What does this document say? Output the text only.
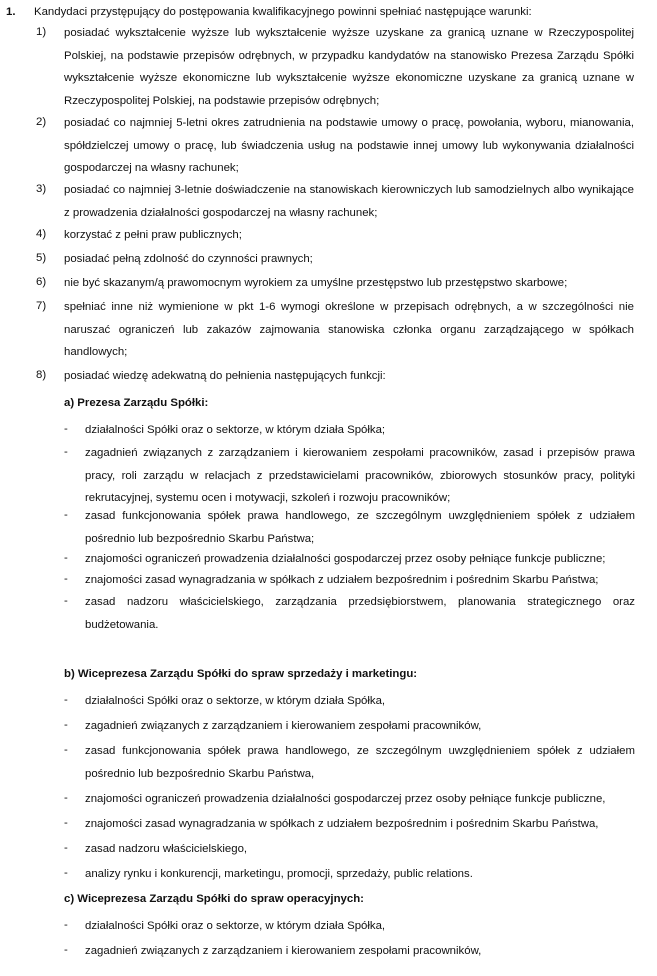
1. Kandydaci przystępujący do postępowania kwalifikacyjnego powinni spełniać następujące warunki:
1) posiadać wykształcenie wyższe lub wykształcenie wyższe uzyskane za granicą uznane w Rzeczypospolitej Polskiej, na podstawie przepisów odrębnych, w przypadku kandydatów na stanowisko Prezesa Zarządu Spółki wykształcenie wyższe ekonomiczne lub wykształcenie wyższe ekonomiczne uzyskane za granicą uznane w Rzeczypospolitej Polskiej, na podstawie przepisów odrębnych;
2) posiadać co najmniej 5-letni okres zatrudnienia na podstawie umowy o pracę, powołania, wyboru, mianowania, spółdzielczej umowy o pracę, lub świadczenia usług na podstawie innej umowy lub wykonywania działalności gospodarczej na własny rachunek;
3) posiadać co najmniej 3-letnie doświadczenie na stanowiskach kierowniczych lub samodzielnych albo wynikające z prowadzenia działalności gospodarczej na własny rachunek;
4) korzystać z pełni praw publicznych;
5) posiadać pełną zdolność do czynności prawnych;
6) nie być skazanym/ą prawomocnym wyrokiem za umyślne przestępstwo lub przestępstwo skarbowe;
7) spełniać inne niż wymienione w pkt 1-6 wymogi określone w przepisach odrębnych, a w szczególności nie naruszać ograniczeń lub zakazów zajmowania stanowiska członka organu zarządzającego w spółkach handlowych;
8) posiadać wiedzę adekwatną do pełnienia następujących funkcji:
a) Prezesa Zarządu Spółki:
- działalności Spółki oraz o sektorze, w którym działa Spółka;
- zagadnień związanych z zarządzaniem i kierowaniem zespołami pracowników, zasad i przepisów prawa pracy, roli zarządu w relacjach z przedstawicielami pracowników, zbiorowych stosunków pracy, polityki rekrutacyjnej, systemu ocen i motywacji, szkoleń i rozwoju pracowników;
- zasad funkcjonowania spółek prawa handlowego, ze szczególnym uwzględnieniem spółek z udziałem pośrednio lub bezpośrednio Skarbu Państwa;
- znajomości ograniczeń prowadzenia działalności gospodarczej przez osoby pełniące funkcje publiczne;
- znajomości zasad wynagradzania w spółkach z udziałem bezpośrednim i pośrednim Skarbu Państwa;
- zasad nadzoru właścicielskiego, zarządzania przedsiębiorstwem, planowania strategicznego oraz budżetowania.
b) Wiceprezesa Zarządu Spółki do spraw sprzedaży i marketingu:
- działalności Spółki oraz o sektorze, w którym działa Spółka,
- zagadnień związanych z zarządzaniem i kierowaniem zespołami pracowników,
- zasad funkcjonowania spółek prawa handlowego, ze szczególnym uwzględnieniem spółek z udziałem pośrednio lub bezpośrednio Skarbu Państwa,
- znajomości ograniczeń prowadzenia działalności gospodarczej przez osoby pełniące funkcje publiczne,
- znajomości zasad wynagradzania w spółkach z udziałem bezpośrednim i pośrednim Skarbu Państwa,
- zasad nadzoru właścicielskiego,
- analizy rynku i konkurencji, marketingu, promocji, sprzedaży, public relations.
c) Wiceprezesa Zarządu Spółki do spraw operacyjnych:
- działalności Spółki oraz o sektorze, w którym działa Spółka,
- zagadnień związanych z zarządzaniem i kierowaniem zespołami pracowników,
